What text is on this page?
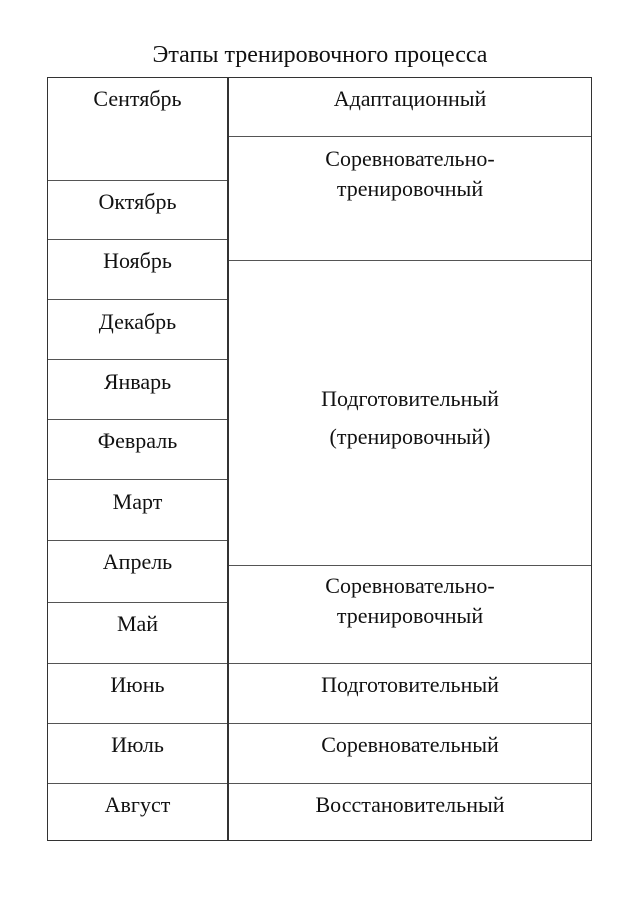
Этапы тренировочного процесса
Сентябрь
Октябрь
Ноябрь
Декабрь
Январь
Февраль
Март
Апрель
Май
Июнь
Июль
Август
Адаптационный
Соревновательно-
тренировочный
Подготовительный
(тренировочный)
Соревновательно-
тренировочный
Подготовительный
Соревновательный
Восстановительный
